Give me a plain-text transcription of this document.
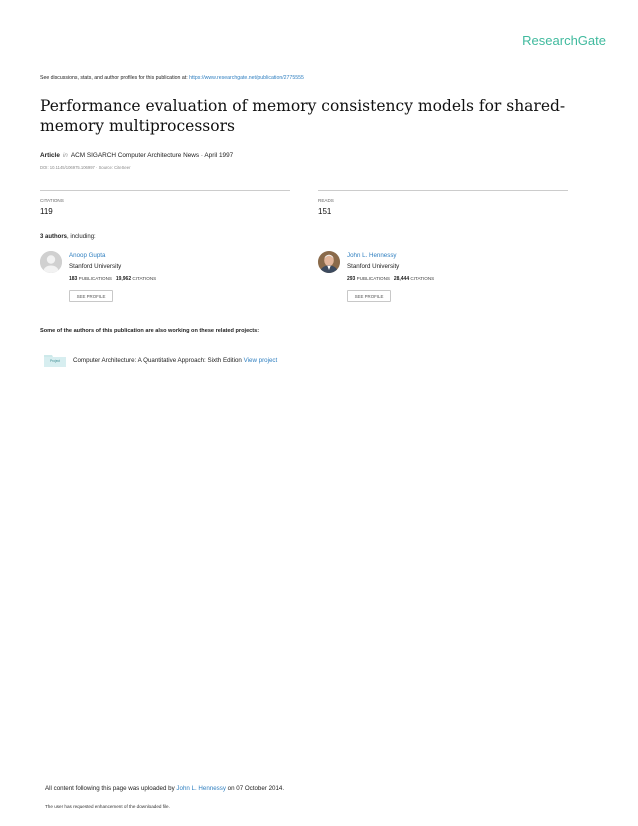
ResearchGate
See discussions, stats, and author profiles for this publication at: https://www.researchgate.net/publication/2775555
Performance evaluation of memory consistency models for shared-memory multiprocessors
Article in ACM SIGARCH Computer Architecture News · April 1997
DOI: 10.1145/106975.106997 · Source: CiteSeer
CITATIONS
119
READS
151
3 authors, including:
Anoop Gupta
Stanford University
183 PUBLICATIONS 19,962 CITATIONS
SEE PROFILE
John L. Hennessy
Stanford University
293 PUBLICATIONS 28,444 CITATIONS
SEE PROFILE
Some of the authors of this publication are also working on these related projects:
Project	Computer Architecture: A Quantitative Approach: Sixth Edition View project
All content following this page was uploaded by John L. Hennessy on 07 October 2014.
The user has requested enhancement of the downloaded file.
